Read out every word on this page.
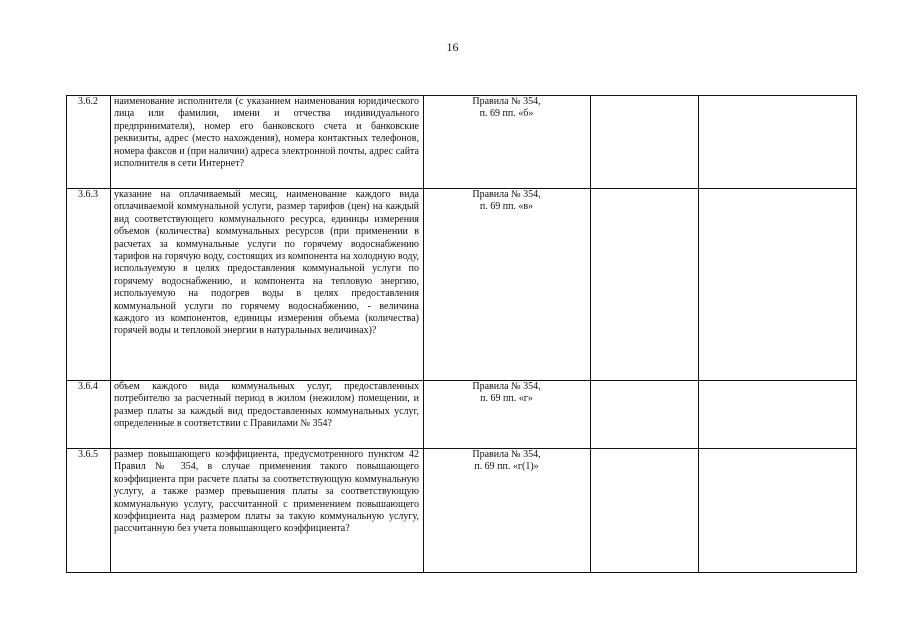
16
3.6.2	наименование исполнителя (с указанием наименования юридического лица или фамилии, имени и отчества индивидуального предпринимателя), номер его банковского счета и банковские реквизиты, адрес (место нахождения), номера контактных телефонов, номера факсов и (при наличии) адреса электронной почты, адрес сайта исполнителя в сети Интернет?	Правила № 354,
п. 69 пп. «б»		

3.6.3	указание на оплачиваемый месяц, наименование каждого вида оплачиваемой коммунальной услуги, размер тарифов (цен) на каждый вид соответствующего коммунального ресурса, единицы измерения объемов (количества) коммунальных ресурсов (при применении в расчетах за коммунальные услуги по горячему водоснабжению тарифов на горячую воду, состоящих из компонента на холодную воду, используемую в целях предоставления коммунальной услуги по горячему водоснабжению, и компонента на тепловую энергию, используемую на подогрев воды в целях предоставления коммунальной услуги по горячему водоснабжению, - величина каждого из компонентов, единицы измерения объема (количества) горячей воды и тепловой энергии в натуральных величинах)?	Правила № 354,
п. 69 пп. «в»		

3.6.4	объем каждого вида коммунальных услуг, предоставленных потребителю за расчетный период в жилом (нежилом) помещении, и размер платы за каждый вид предоставленных коммунальных услуг, определенные в соответствии с Правилами № 354?	Правила № 354,
п. 69 пп. «г»		

3.6.5	размер повышающего коэффициента, предусмотренного пунктом 42 Правил № 354, в случае применения такого повышающего коэффициента при расчете платы за соответствующую коммунальную услугу, а также размер превышения платы за соответствующую коммунальную услугу, рассчитанной с применением повышающего коэффициента над размером платы за такую коммунальную услугу, рассчитанную без учета повышающего коэффициента?	Правила № 354,
п. 69 пп. «г(1)»		
